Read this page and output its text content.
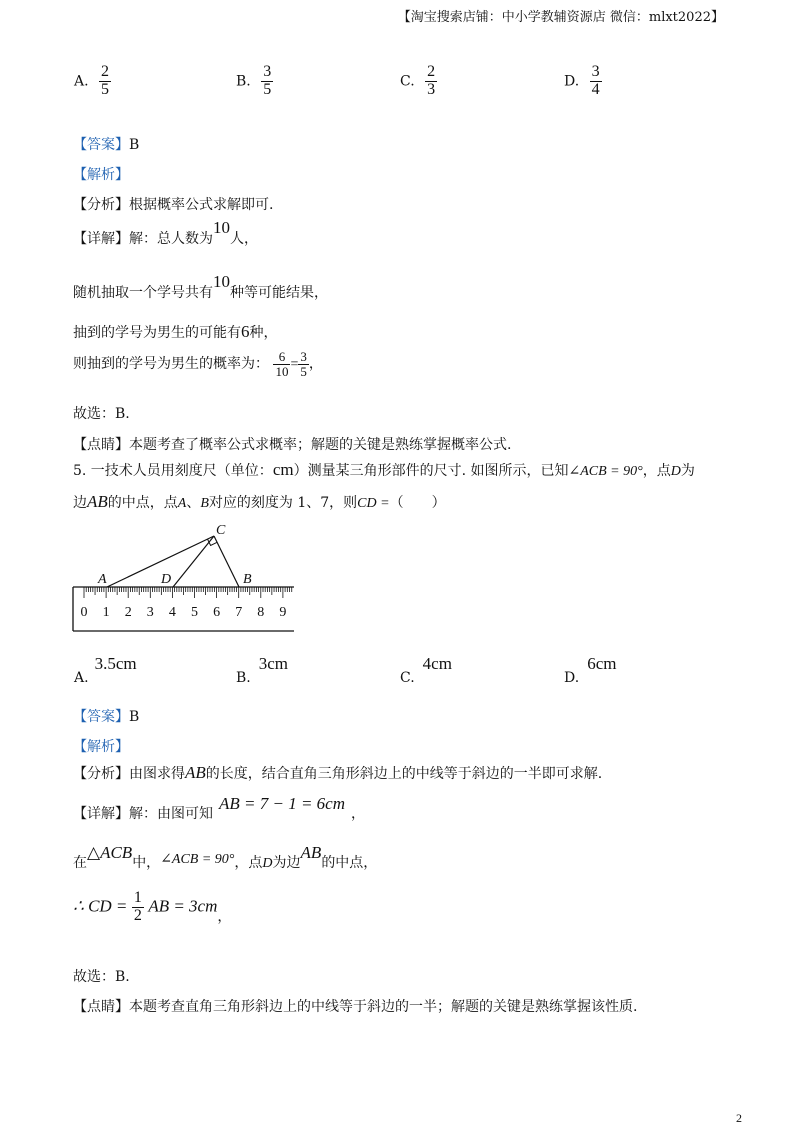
【淘宝搜索店铺：中小学教辅资源店 微信：mlxt2022】
A. $\frac{2}{5}$	B. $\frac{3}{5}$	C. $\frac{2}{3}$	D. $\frac{3}{4}$
【答案】B
【解析】
【分析】根据概率公式求解即可.
【详解】解：总人数为10人，
随机抽取一个学号共有10种等可能结果，
抽到的学号为男生的可能有6种，
则抽到的学号为男生的概率为： $\frac{6}{10} = \frac{3}{5}$ ，
故选：B.
【点睛】本题考查了概率公式求概率；解题的关键是熟练掌握概率公式.
5. 一技术人员用刻度尺（单位：cm）测量某三角形部件的尺寸. 如图所示，已知∠ACB = 90°，点D为
边AB的中点，点A、B对应的刻度为 1、7，则CD =（　　）
0 1 2 3 4 5 6 7 8 9
C
A	D	B
A.3.5cm
B.3cm
C.4cm
D.6cm
【答案】B
【解析】
【分析】由图求得AB的长度，结合直角三角形斜边上的中线等于斜边的一半即可求解.
【详解】解：由图可知AB = 7 − 1 = 6cm，
在△ACB中，∠ACB = 90°，点D为边AB的中点，
∴ CD = $\frac{1}{2}$ AB = 3cm，
故选：B.
【点睛】本题考查直角三角形斜边上的中线等于斜边的一半；解题的关键是熟练掌握该性质.
2
